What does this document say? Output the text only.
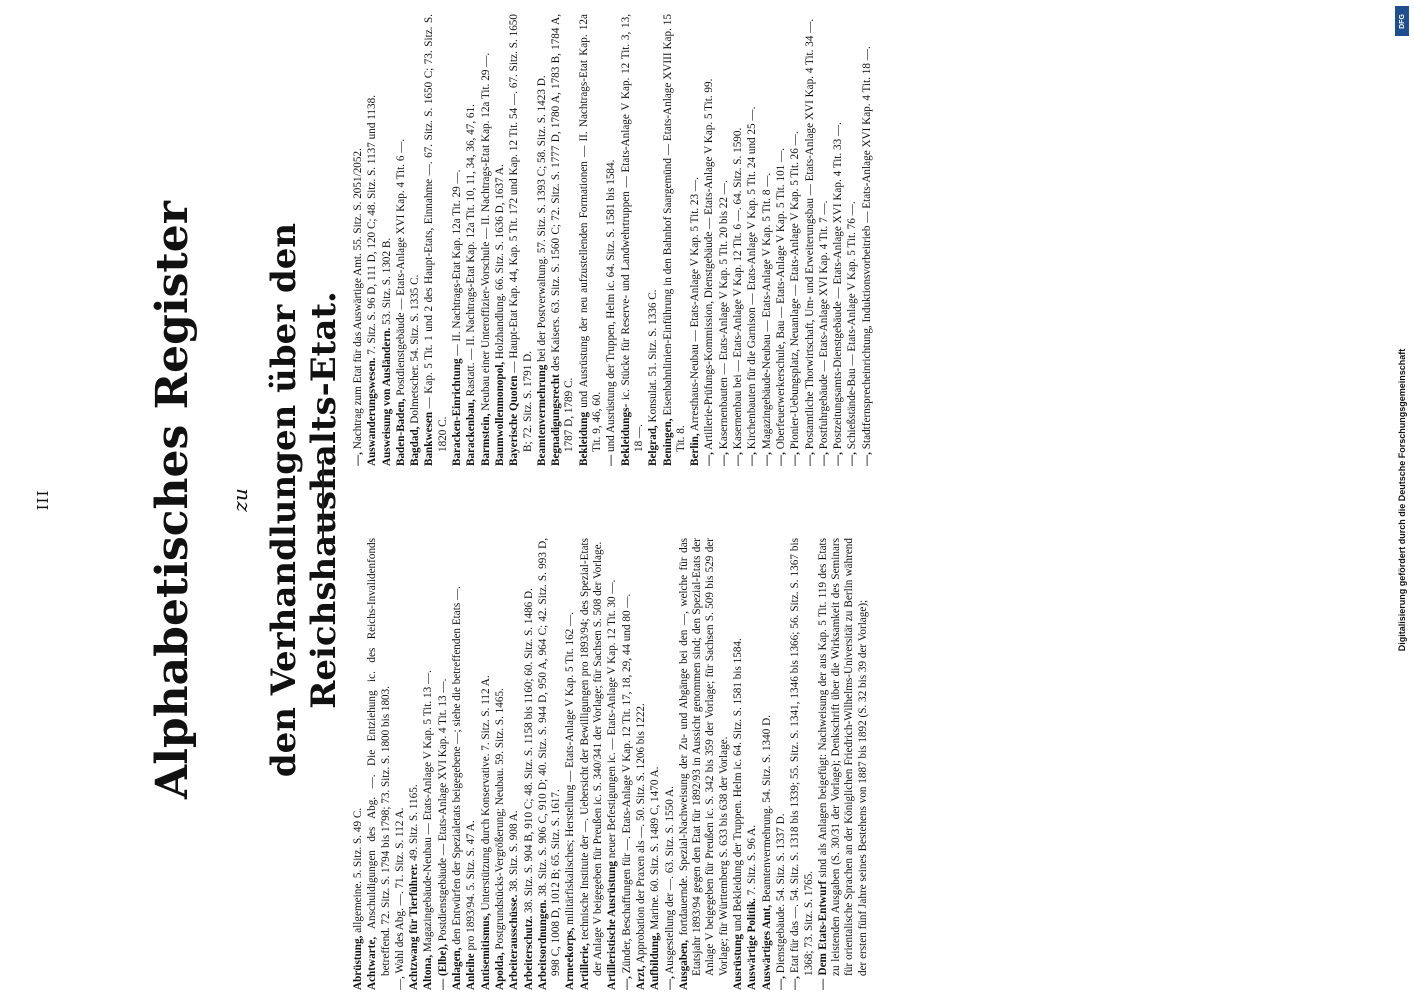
III Alphabetisches Register zu den Verhandlungen über den Reichshaushalts-Etat.
Abrüstung, allgemeine. 5. Sitz. S. 49 C.
Achtwarte, Anschuldigungen des Abg. —. Die Entziehung ic. des Reichs-Invalidenfonds betreffend. 72. Sitz. S. 1794 bis 1798; 73. Sitz. S. 1800 bis 1803. —, Wahl des Abg. —. 71. Sitz. S. 112 A. Achtzwang für Tierführer. 49. Sitz. S. 1165.
Altona, Magazingebäude-Neubau — Etats-Anlage V Kap. 5 Tit. 13 —.
— (Elbe), Postdienstgebäude — Etats-Anlage XVI Kap. 4 Tit. 13 —.
Anlagen, den Entwürfen der Spezialetats beigegebene —; siehe die betreffenden Etats —.
Anleihe pro 1893/94. 5. Sitz. S. 47 A.
Antisemitismus, Unterstützung durch Konservative. 7. Sitz. S. 112 A.
Apolda, Postgrundstücks-Vergrößerung; Neubau. 59. Sitz. S. 1465. Arbeiterausschüsse. 38. Sitz. S. 908 A.
Arbeiterschutz. 38. Sitz. S. 904 B, 910 C; 48. Sitz. S. 1158 bis 1160; 60. Sitz. S. 1486 D.
Arbeitsordnungen. 38. Sitz. S. 906 C, 910 D; 40. Sitz. S. 944 D, 950 A, 964 C; 42. Sitz. S. 993 D, 998 C, 1008 D, 1012 B; 65. Sitz. S. 1617. Armeekorps, militärfiskalisches; Herstellung — Etats-Anlage V Kap. 5 Tit. 162 —.
Artillerie, technische Institute der —. Uebersicht der Bewilligungen pro 1893/94; des Spezial-Etats der Anlage V beigegeben für Preußen ic. S. 340/341 der Vorlage; für Sachsen S. 508 der Vorlage. Artilleristische Ausrüstung neuer Befestigungen ic. — Etats-Anlage V Kap. 12 Tit. 30 —.
—, Zünder, Beschaffungen für —. Etats-Anlage V Kap. 12 Tit. 17, 18, 29, 44 und 80 —.
Arzt, Approbation der Praxen als —. 50. Sitz. S. 1206 bis 1222. Aufbildung, Marine. 60. Sitz. S. 1489 C, 1470 A.
—, Ausgestellung der —. 63. Sitz. S. 1550 A. Ausgaben, fortdauernde. Spezial-Nachweisung der Zu- und Abgänge bei den —, welche für das Etatsjahr 1893/94 gegen den Etat für 1892/93 in Aussicht genommen sind; den Spezial-Etats der Anlage V beigegeben für Preußen ic. S. 342 bis 359 der Vorlage; für Sachsen S. 509 bis 529 der Vorlage; für Württemberg S. 633 bis 638 der Vorlage. Ausrüstung und Bekleidung der Truppen. Helm ic. 64. Sitz. S. 1581 bis 1584.
Auswärtige Politik. 7. Sitz. S. 96 A.
Auswärtiges Amt, Beamtenvermehrung. 54. Sitz. S. 1340 D.
—, Dienstgebäude. 54. Sitz. S. 1337 D.
—, Etat für das —. 54. Sitz. S. 1318 bis 1339; 55. Sitz. S. 1341, 1346 bis 1366; 56. Sitz. S. 1367 bis 1368; 73. Sitz. S. 1765. — Dem Etats-Entwurf sind als Anlagen beigefügt: Nachweisung der aus Kap. 5 Tit. 119 des Etats zu leistenden Ausgaben (S. 30/31 der Vorlage); Denkschrift über die Wirksamkeit des Seminars für orientalische Sprachen an der Königlichen Friedrich-Wilhelms-Universität zu Berlin während der ersten fünf Jahre seines Bestehens von 1887 bis 1892 (S. 32 bis 39 der Vorlage);
—, Nachtrag zum Etat für das Auswärtige Amt. 55. Sitz. S. 2051/2052. Auswanderungswesen. 7. Sitz. S. 96 D, 111 D, 120 C; 48. Sitz. S. 1137 und 1138.
Ausweisung von Ausländern. 53. Sitz. S. 1302 B.
Baden-Baden, Postdienstgebäude — Etats-Anlage XVI Kap. 4 Tit. 6 —.
Bagdad, Dolmetscher. 54. Sitz. S. 1335 C.
Bankwesen — Kap. 5 Tit. 1 und 2 des Haupt-Etats, Einnahme —. 67. Sitz. S. 1650 C; 73. Sitz. S. 1820 C. Baracken-Einrichtung — II. Nachtrags-Etat Kap. 12a Tit. 29 —.
Barackenbau, Rastatt. — II. Nachtrags-Etat Kap. 12a Tit. 10, 11, 34, 36, 47, 61.
Barmstein, Neubau einer Unteroffizier-Vorschule — II. Nachtrags-Etat Kap. 12a Tit. 29 —.
Baumwollenmonopol, Holzhandlung. 66. Sitz. S. 1636 D, 1637 A.
Bayerische Quoten — Haupt-Etat Kap. 44, Kap. 5 Tit. 172 und Kap. 12 Tit. 54 —. 67. Sitz. S. 1650 B; 72. Sitz. S. 1791 D. Beamtenvermehrung bei der Postverwaltung. 57. Sitz. S. 1393 C; 58. Sitz. S. 1423 D.
Begnadigungsrecht des Kaisers. 63. Sitz. S. 1560 C; 72. Sitz. S. 1777 D, 1780 A, 1783 B, 1784 A, 1787 D, 1789 C. Bekleidung und Ausrüstung der neu aufzustellenden Formationen — II. Nachtrags-Etat Kap. 12a Tit. 9, 46, 60.
— und Ausrüstung der Truppen, Helm ic. 64. Sitz. S. 1581 bis 1584. Bekleidungs- ic. Stücke für Reserve- und Landwehrtruppen — Etats-Anlage V Kap. 12 Tit. 3, 13, 18 —. Belgrad, Konsulat. 51. Sitz. S. 1336 C.
Beningen, Eisenbahnlinien-Einführung in den Bahnhof Saargemünd — Etats-Anlage XVIII Kap. 15 Tit. 8. Berlin, Arresthaus-Neubau — Etats-Anlage V Kap. 5 Tit. 23 —.
—, Artillerie-Prüfungs-Kommission, Dienstgebäude — Etats-Anlage V Kap. 5 Tit. 99.
—, Kasernenbauten — Etats-Anlage V Kap. 5 Tit. 20 bis 22 —.
—, Kasernenbau bei — Etats-Anlage V Kap. 12 Tit. 6 —. 64. Sitz. S. 1590.
—, Kirchenbauten für die Garnison — Etats-Anlage V Kap. 5 Tit. 24 und 25 —.
—, Magazingebäude-Neubau — Etats-Anlage V Kap. 5 Tit. 8 —.
—, Oberfeuerwerkerschule, Bau — Etats-Anlage V Kap. 5 Tit. 101 —.
—, Pionier-Uebungsplatz, Neuanlage — Etats-Anlage V Kap. 5 Tit. 26 —.
—, Postamtliche Thorwirtschaft, Um- und Erweiterungsbau — Etats-Anlage XVI Kap. 4 Tit. 34 —.
—, Postfuhrgebäude — Etats-Anlage XVI Kap. 4 Tit. 7 —.
—, Postzeitungsamts-Dienstgebäude — Etats-Anlage XVI Kap. 4 Tit. 33 —.
—, Schießstände-Bau — Etats-Anlage V Kap. 5 Tit. 76 —.
—, Stadtfernsprecheinrichtung, Induktionsvorbeitrieb — Etats-Anlage XVI Kap. 4 Tit. 18 —.
Digitalisierung gefördert durch die Deutsche Forschungsgemeinschaft
DFG
